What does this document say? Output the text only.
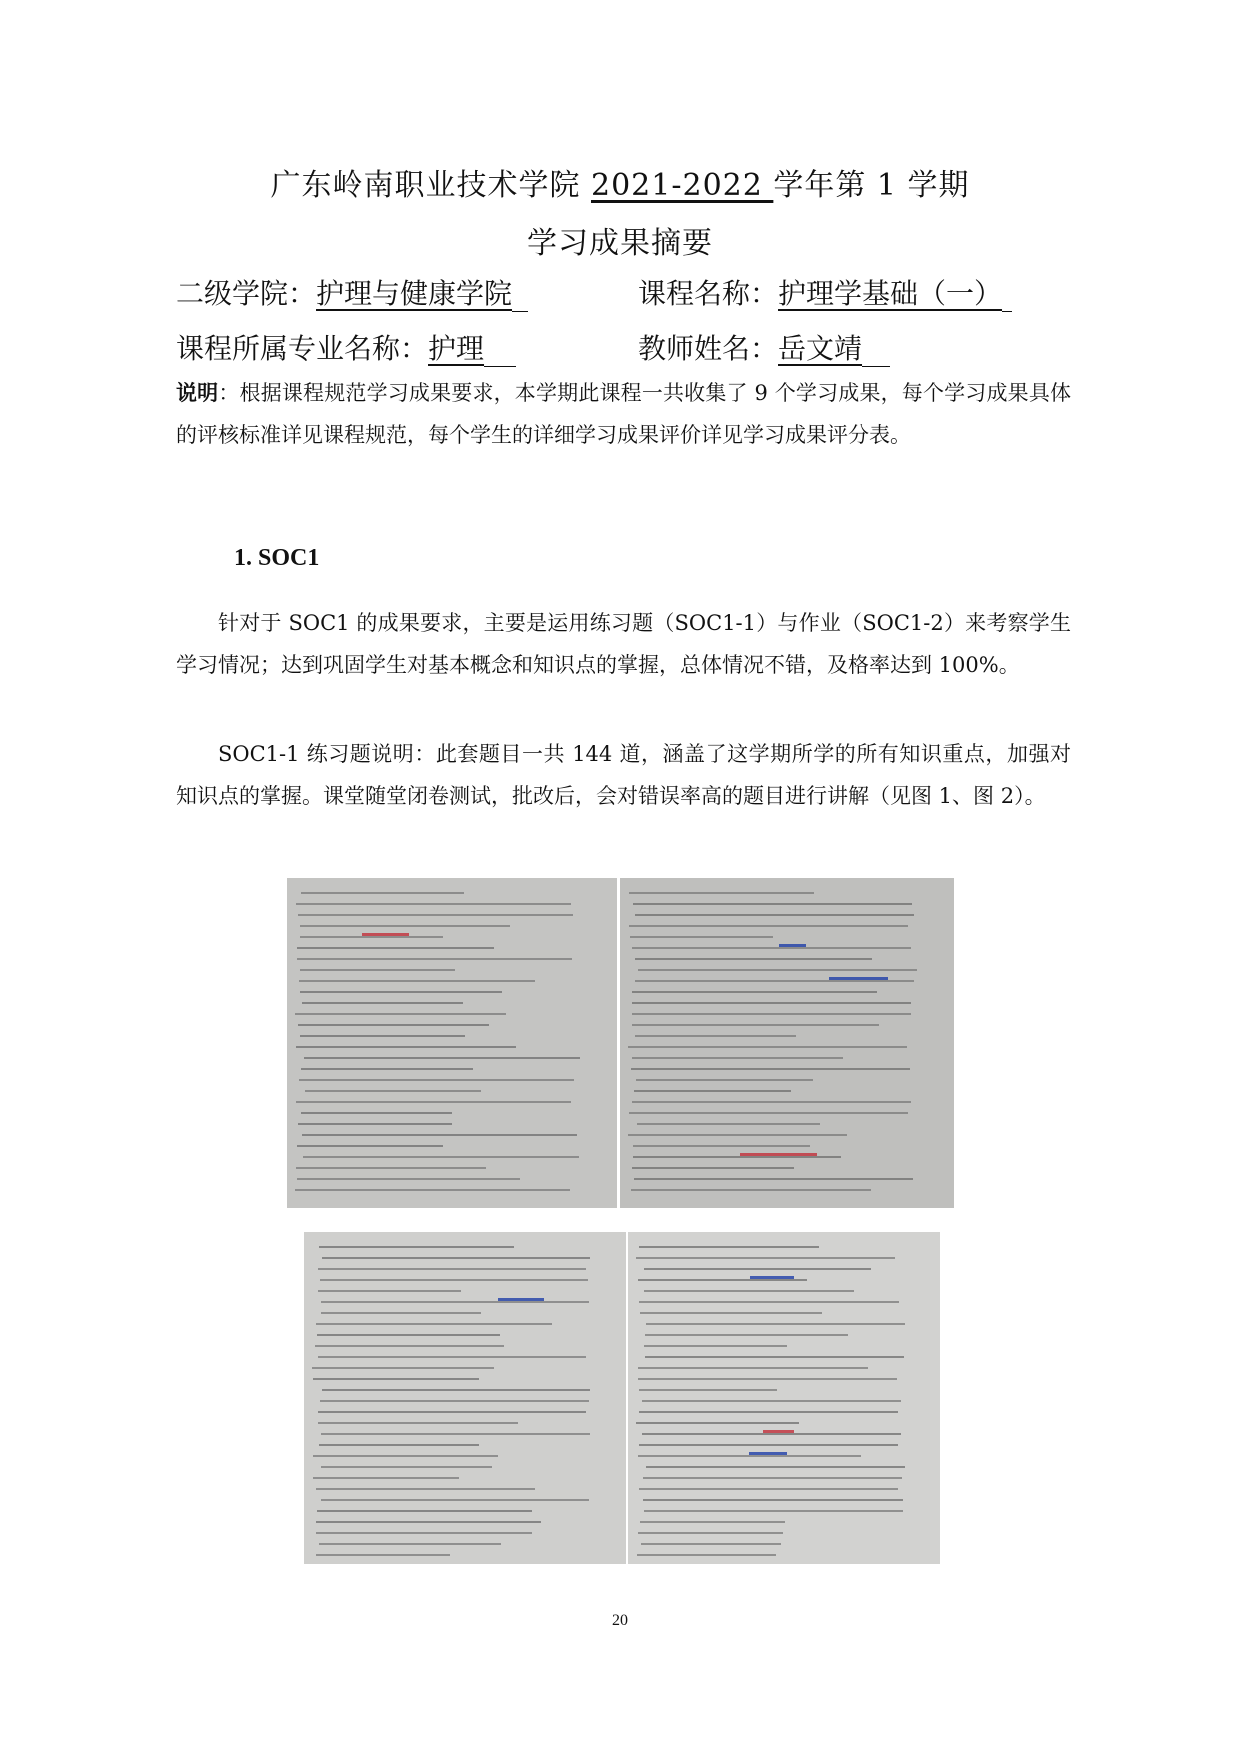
广东岭南职业技术学院 2021-2022 学年第 1 学期
学习成果摘要
二级学院：护理与健康学院	课程名称：护理学基础（一）
课程所属专业名称：护理	教师姓名：岳文靖
说明：根据课程规范学习成果要求，本学期此课程一共收集了 9 个学习成果，每个学习成果具体的评核标准详见课程规范，每个学生的详细学习成果评价详见学习成果评分表。
1. SOC1
针对于 SOC1 的成果要求，主要是运用练习题（SOC1-1）与作业（SOC1-2）来考察学生学习情况；达到巩固学生对基本概念和知识点的掌握，总体情况不错，及格率达到 100%。
SOC1-1 练习题说明：此套题目一共 144 道，涵盖了这学期所学的所有知识重点，加强对知识点的掌握。课堂随堂闭卷测试，批改后，会对错误率高的题目进行讲解（见图 1、图 2）。
20
